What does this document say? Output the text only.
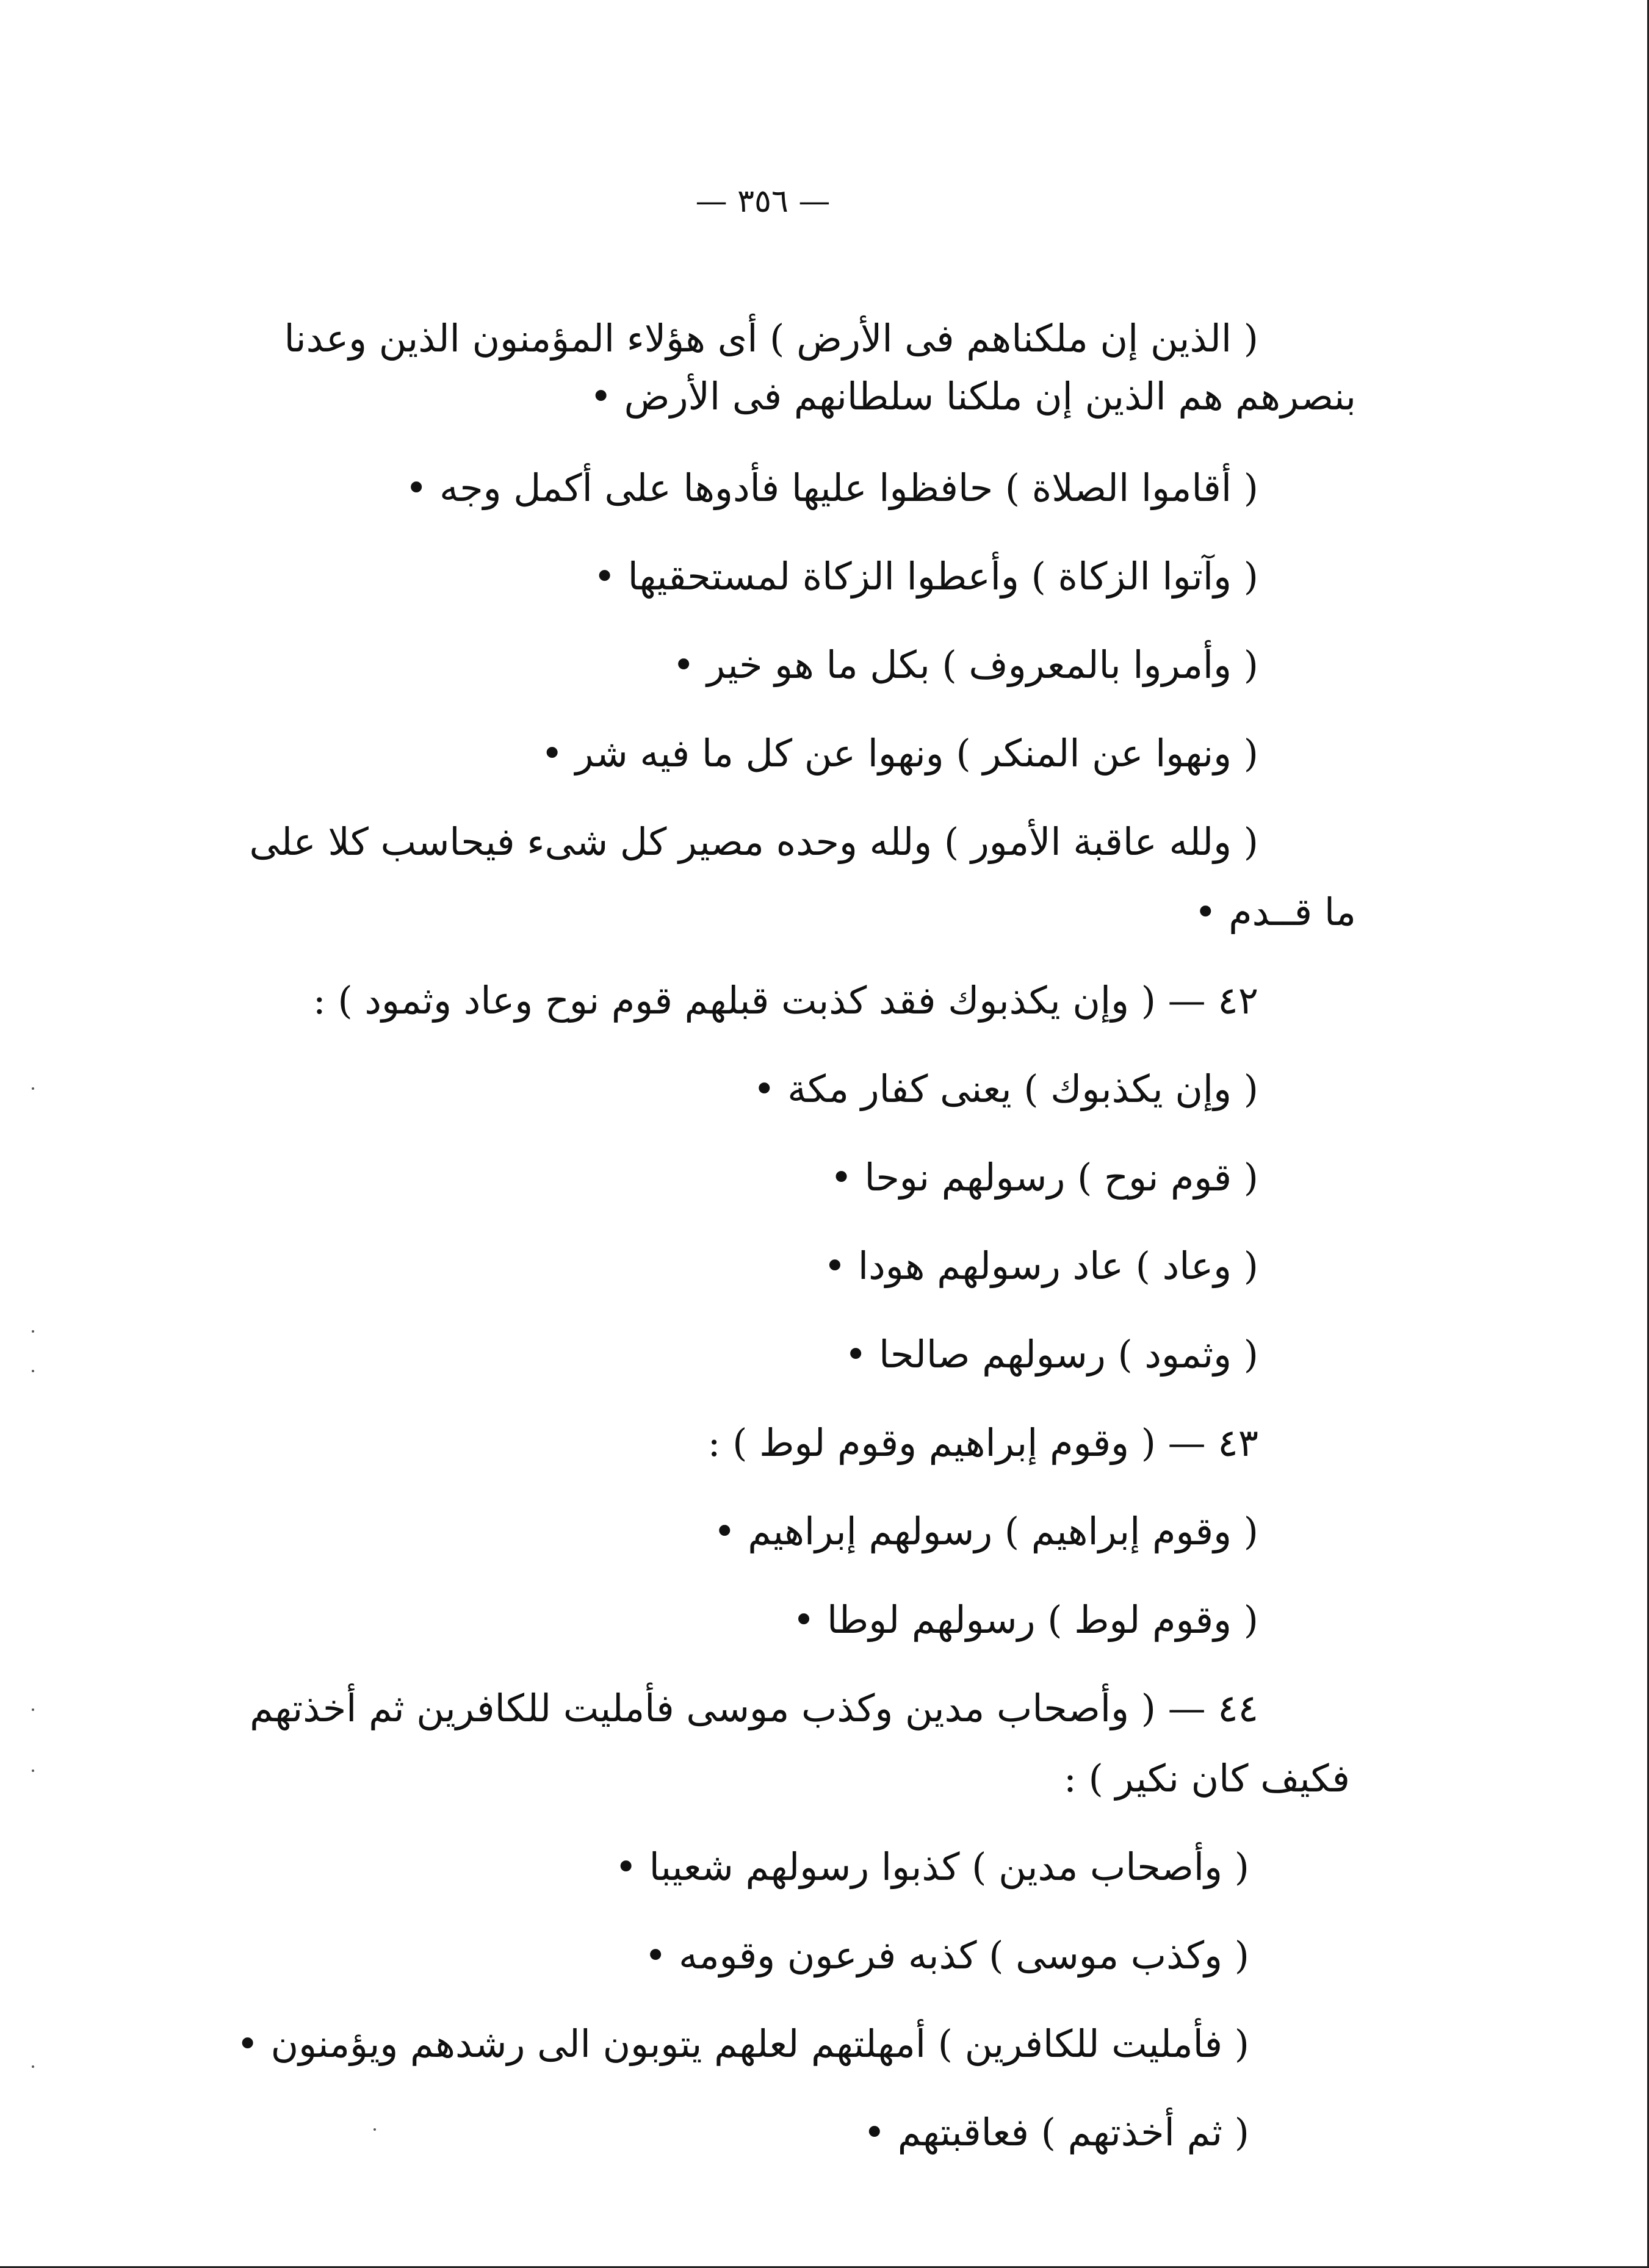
— ٣٥٦ —
( الذين إن ملكناهم فى الأرض ) أى هؤلاء المؤمنون الذين وعدنا
بنصرهم هم الذين إن ملكنا سلطانهم فى الأرض •
( أقاموا الصلاة ) حافظوا عليها فأدوها على أكمل وجه •
( وآتوا الزكاة ) وأعطوا الزكاة لمستحقيها •
( وأمروا بالمعروف ) بكل ما هو خير •
( ونهوا عن المنكر ) ونهوا عن كل ما فيه شر •
( ولله عاقبة الأمور ) ولله وحده مصير كل شىء فيحاسب كلا على
ما قــدم •
٤٢ — ( وإن يكذبوك فقد كذبت قبلهم قوم نوح وعاد وثمود ) :
( وإن يكذبوك ) يعنى كفار مكة •
( قوم نوح ) رسولهم نوحا •
( وعاد ) عاد رسولهم هودا •
( وثمود ) رسولهم صالحا •
٤٣ — ( وقوم إبراهيم وقوم لوط ) :
( وقوم إبراهيم ) رسولهم إبراهيم •
( وقوم لوط ) رسولهم لوطا •
٤٤ — ( وأصحاب مدين وكذب موسى فأمليت للكافرين ثم أخذتهم
فكيف كان نكير ) :
( وأصحاب مدين ) كذبوا رسولهم شعيبا •
( وكذب موسى ) كذبه فرعون وقومه •
( فأمليت للكافرين ) أمهلتهم لعلهم يتوبون الى رشدهم ويؤمنون •
( ثم أخذتهم ) فعاقبتهم •
